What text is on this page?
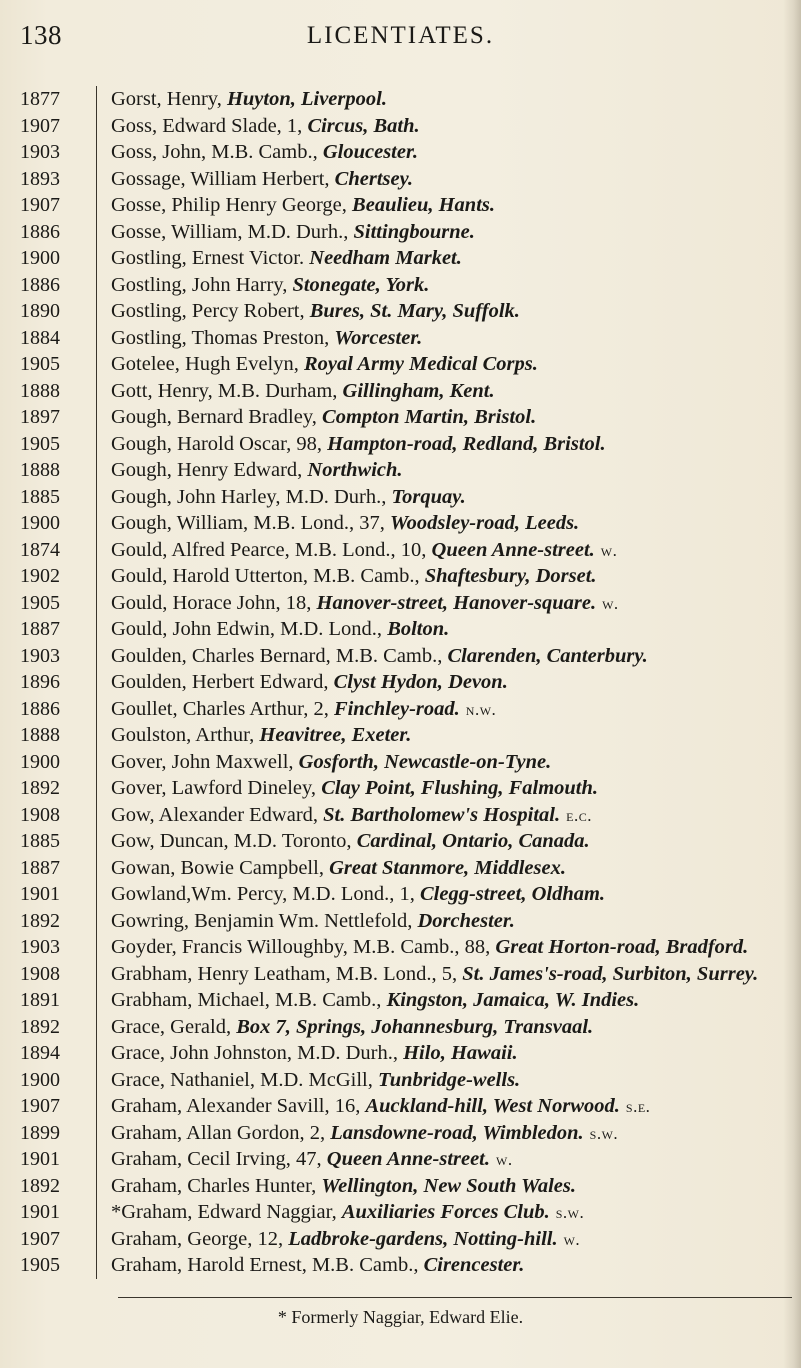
138	LICENTIATES.
1877	Gorst, Henry, Huyton, Liverpool.
1907	Goss, Edward Slade, 1, Circus, Bath.
1903	Goss, John, M.B. Camb., Gloucester.
1893	Gossage, William Herbert, Chertsey.
1907	Gosse, Philip Henry George, Beaulieu, Hants.
1886	Gosse, William, M.D. Durh., Sittingbourne.
1900	Gostling, Ernest Victor. Needham Market.
1886	Gostling, John Harry, Stonegate, York.
1890	Gostling, Percy Robert, Bures, St. Mary, Suffolk.
1884	Gostling, Thomas Preston, Worcester.
1905	Gotelee, Hugh Evelyn, Royal Army Medical Corps.
1888	Gott, Henry, M.B. Durham, Gillingham, Kent.
1897	Gough, Bernard Bradley, Compton Martin, Bristol.
1905	Gough, Harold Oscar, 98, Hampton-road, Redland, Bristol.
1888	Gough, Henry Edward, Northwich.
1885	Gough, John Harley, M.D. Durh., Torquay.
1900	Gough, William, M.B. Lond., 37, Woodsley-road, Leeds.
1874	Gould, Alfred Pearce, M.B. Lond., 10, Queen Anne-street. w.
1902	Gould, Harold Utterton, M.B. Camb., Shaftesbury, Dorset.
1905	Gould, Horace John, 18, Hanover-street, Hanover-square. w.
1887	Gould, John Edwin, M.D. Lond., Bolton.
1903	Goulden, Charles Bernard, M.B. Camb., Clarenden, Canterbury.
1896	Goulden, Herbert Edward, Clyst Hydon, Devon.
1886	Goullet, Charles Arthur, 2, Finchley-road. n.w.
1888	Goulston, Arthur, Heavitree, Exeter.
1900	Gover, John Maxwell, Gosforth, Newcastle-on-Tyne.
1892	Gover, Lawford Dineley, Clay Point, Flushing, Falmouth.
1908	Gow, Alexander Edward, St. Bartholomew's Hospital. e.c.
1885	Gow, Duncan, M.D. Toronto, Cardinal, Ontario, Canada.
1887	Gowan, Bowie Campbell, Great Stanmore, Middlesex.
1901	Gowland,Wm. Percy, M.D. Lond., 1, Clegg-street, Oldham.
1892	Gowring, Benjamin Wm. Nettlefold, Dorchester.
1903	Goyder, Francis Willoughby, M.B. Camb., 88, Great Horton-road, Bradford.
1908	Grabham, Henry Leatham, M.B. Lond., 5, St. James's-road, Surbiton, Surrey.
1891	Grabham, Michael, M.B. Camb., Kingston, Jamaica, W. Indies.
1892	Grace, Gerald, Box 7, Springs, Johannesburg, Transvaal.
1894	Grace, John Johnston, M.D. Durh., Hilo, Hawaii.
1900	Grace, Nathaniel, M.D. McGill, Tunbridge-wells.
1907	Graham, Alexander Savill, 16, Auckland-hill, West Norwood. s.e.
1899	Graham, Allan Gordon, 2, Lansdowne-road, Wimbledon. s.w.
1901	Graham, Cecil Irving, 47, Queen Anne-street. w.
1892	Graham, Charles Hunter, Wellington, New South Wales.
1901	*Graham, Edward Naggiar, Auxiliaries Forces Club. s.w.
1907	Graham, George, 12, Ladbroke-gardens, Notting-hill. w.
1905	Graham, Harold Ernest, M.B. Camb., Cirencester.
* Formerly Naggiar, Edward Elie.
